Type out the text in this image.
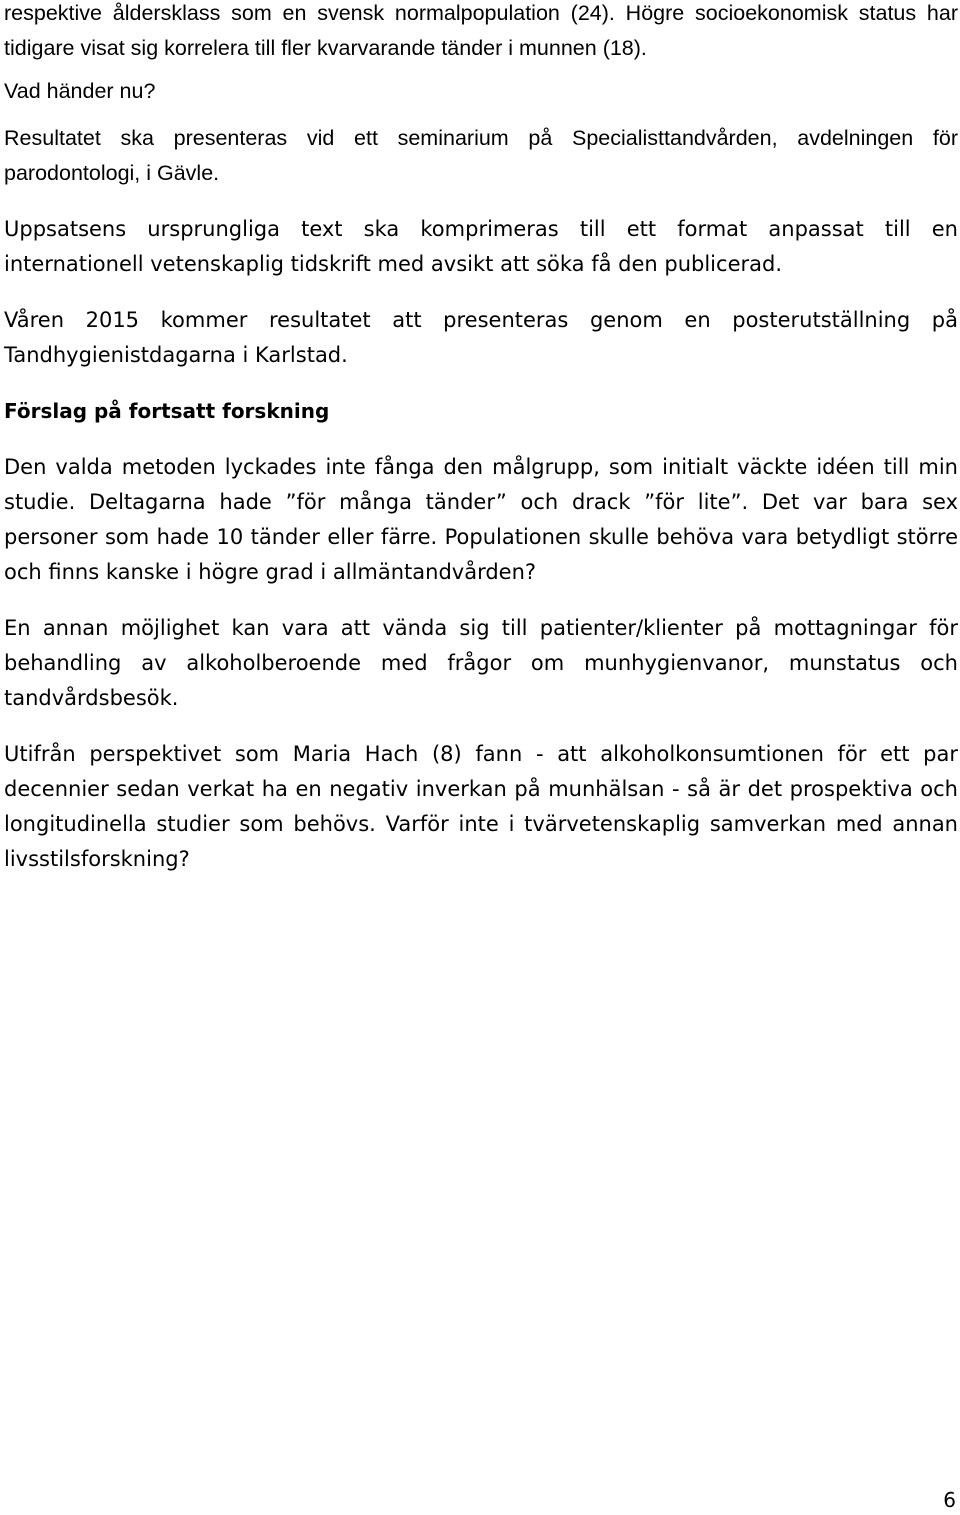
respektive åldersklass som en svensk normalpopulation (24). Högre socioekonomisk status har tidigare visat sig korrelera till fler kvarvarande tänder i munnen (18).

Vad händer nu?

Resultatet ska presenteras vid ett seminarium på Specialisttandvården, avdelningen för parodontologi, i Gävle.

Uppsatsens ursprungliga text ska komprimeras till ett format anpassat till en internationell vetenskaplig tidskrift med avsikt att söka få den publicerad.

Våren 2015 kommer resultatet att presenteras genom en posterutställning på Tandhygienistdagarna i Karlstad.

Förslag på fortsatt forskning

Den valda metoden lyckades inte fånga den målgrupp, som initialt väckte idéen till min studie. Deltagarna hade ”för många tänder” och drack ”för lite”. Det var bara sex personer som hade 10 tänder eller färre. Populationen skulle behöva vara betydligt större och finns kanske i högre grad i allmäntandvården?

En annan möjlighet kan vara att vända sig till patienter/klienter på mottagningar för behandling av alkoholberoende med frågor om munhygienvanor, munstatus och tandvårdsbesök.

Utifrån perspektivet som Maria Hach (8) fann - att alkoholkonsumtionen för ett par decennier sedan verkat ha en negativ inverkan på munhälsan - så är det prospektiva och longitudinella studier som behövs. Varför inte i tvärvetenskaplig samverkan med annan livsstilsforskning?

6
